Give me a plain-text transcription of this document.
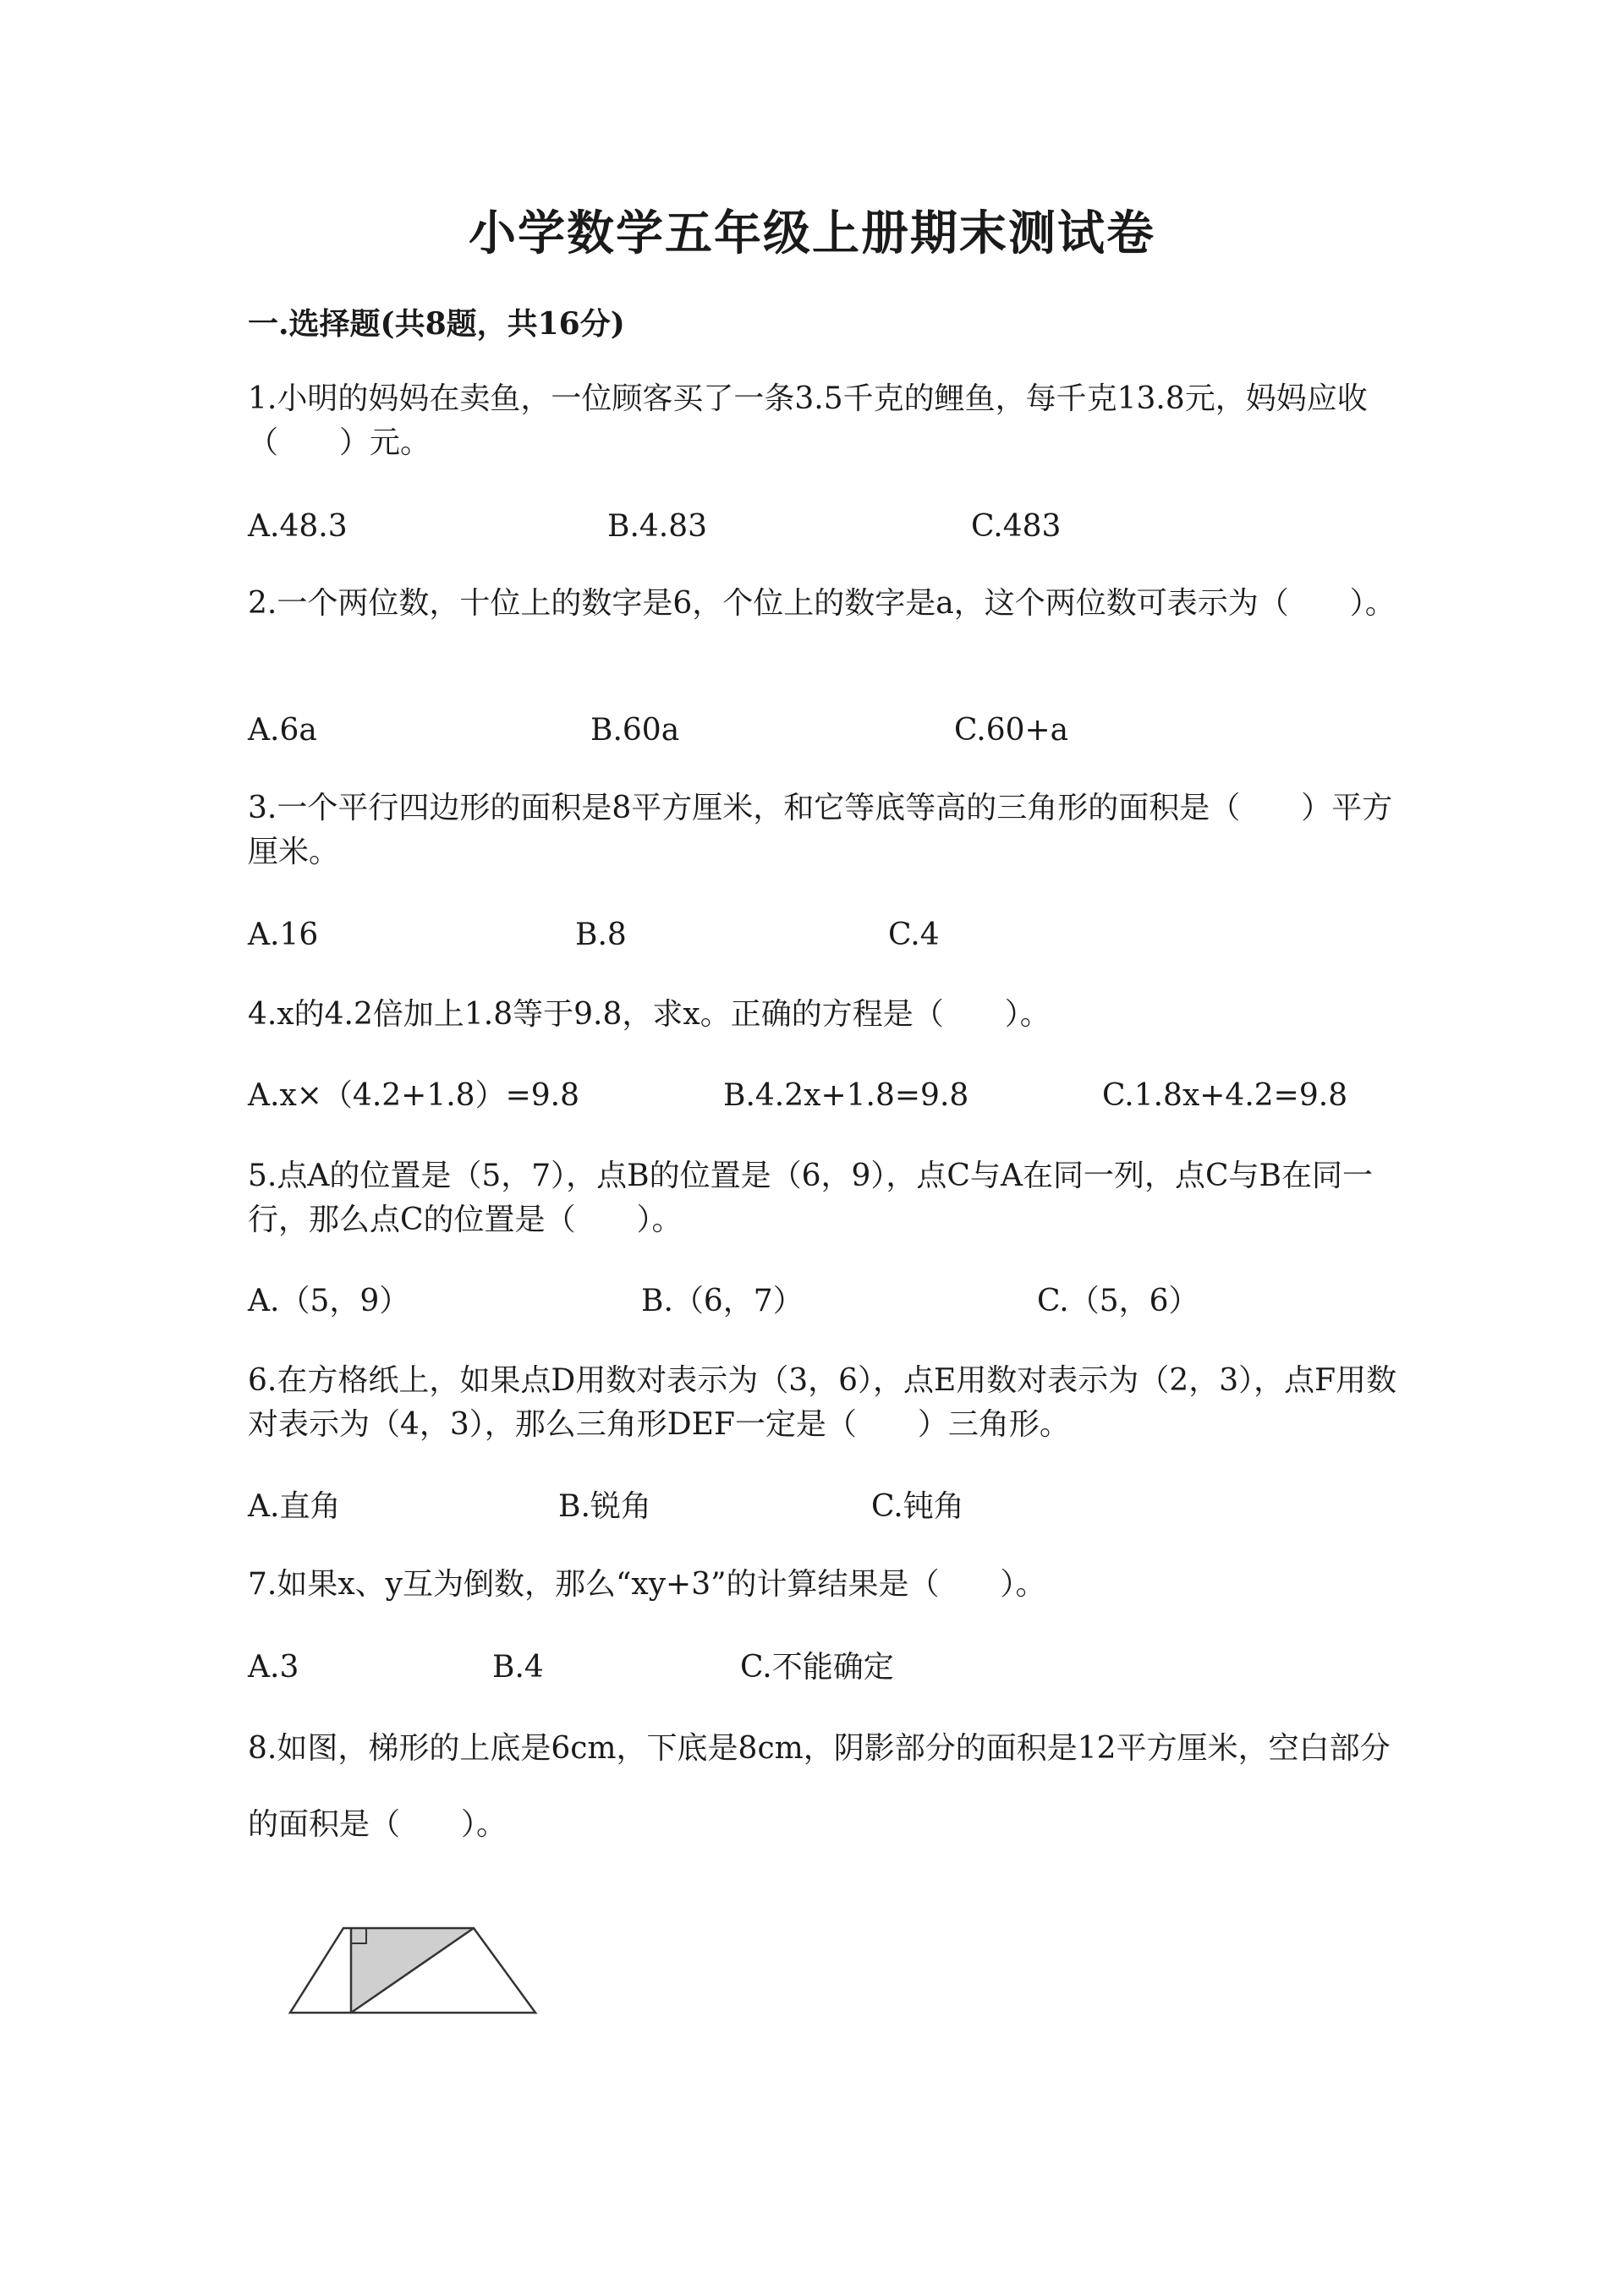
小学数学五年级上册期末测试卷
一.选择题(共8题，共16分)
1.小明的妈妈在卖鱼，一位顾客买了一条3.5千克的鲤鱼，每千克13.8元，妈妈应收（　　）元。
A.48.3	B.4.83	C.483
2.一个两位数，十位上的数字是6，个位上的数字是a，这个两位数可表示为（　　）。
A.6a	B.60a	C.60+a
3.一个平行四边形的面积是8平方厘米，和它等底等高的三角形的面积是（　　）平方厘米。
A.16	B.8	C.4
4.x的4.2倍加上1.8等于9.8，求x。正确的方程是（　　）。
A.x×（4.2+1.8）=9.8	B.4.2x+1.8=9.8	C.1.8x+4.2=9.8
5.点A的位置是（5，7），点B的位置是（6，9），点C与A在同一列，点C与B在同一行，那么点C的位置是（　　）。
A.（5，9）	B.（6，7）	C.（5，6）
6.在方格纸上，如果点D用数对表示为（3，6），点E用数对表示为（2，3），点F用数对表示为（4，3），那么三角形DEF一定是（　　）三角形。
A.直角	B.锐角	C.钝角
7.如果x、y互为倒数，那么“xy+3”的计算结果是（　　）。
A.3	B.4	C.不能确定
8.如图，梯形的上底是6cm，下底是8cm，阴影部分的面积是12平方厘米，空白部分的面积是（　　）。
